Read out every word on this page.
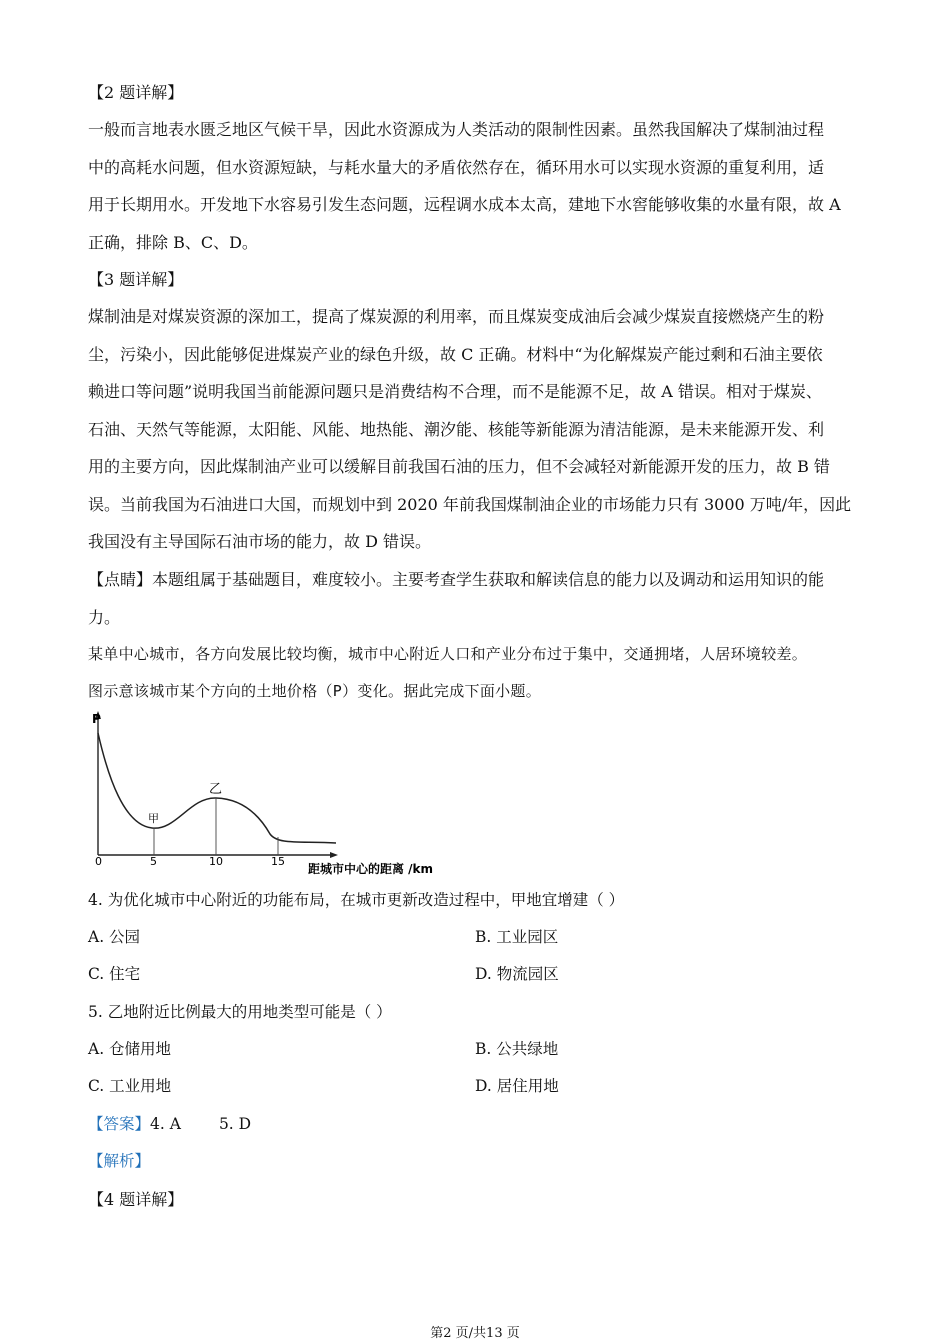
【2 题详解】
一般而言地表水匮乏地区气候干旱，因此水资源成为人类活动的限制性因素。虽然我国解决了煤制油过程
中的高耗水问题，但水资源短缺，与耗水量大的矛盾依然存在，循环用水可以实现水资源的重复利用，适
用于长期用水。开发地下水容易引发生态问题，远程调水成本太高，建地下水窖能够收集的水量有限，故 A
正确，排除 B、C、D。
【3 题详解】
煤制油是对煤炭资源的深加工，提高了煤炭源的利用率，而且煤炭变成油后会减少煤炭直接燃烧产生的粉
尘，污染小，因此能够促进煤炭产业的绿色升级，故 C 正确。材料中“为化解煤炭产能过剩和石油主要依
赖进口等问题”说明我国当前能源问题只是消费结构不合理，而不是能源不足，故 A 错误。相对于煤炭、
石油、天然气等能源，太阳能、风能、地热能、潮汐能、核能等新能源为清洁能源，是未来能源开发、利
用的主要方向，因此煤制油产业可以缓解目前我国石油的压力，但不会减轻对新能源开发的压力，故 B 错
误。当前我国为石油进口大国，而规划中到 2020 年前我国煤制油企业的市场能力只有 3000 万吨/年，因此
我国没有主导国际石油市场的能力，故 D 错误。
【点睛】本题组属于基础题目，难度较小。主要考查学生获取和解读信息的能力以及调动和运用知识的能
力。
某单中心城市，各方向发展比较均衡，城市中心附近人口和产业分布过于集中，交通拥堵，人居环境较差。
图示意该城市某个方向的土地价格（P）变化。据此完成下面小题。
P
0	5	10	15
甲
乙
距城市中心的距离 /km
4. 为优化城市中心附近的功能布局，在城市更新改造过程中，甲地宜增建（ ）
A. 公园	B. 工业园区
C. 住宅	D. 物流园区
5. 乙地附近比例最大的用地类型可能是（ ）
A. 仓储用地	B. 公共绿地
C. 工业用地	D. 居住用地
【答案】4. A 5. D
【解析】
【4 题详解】
第2 页/共13 页
